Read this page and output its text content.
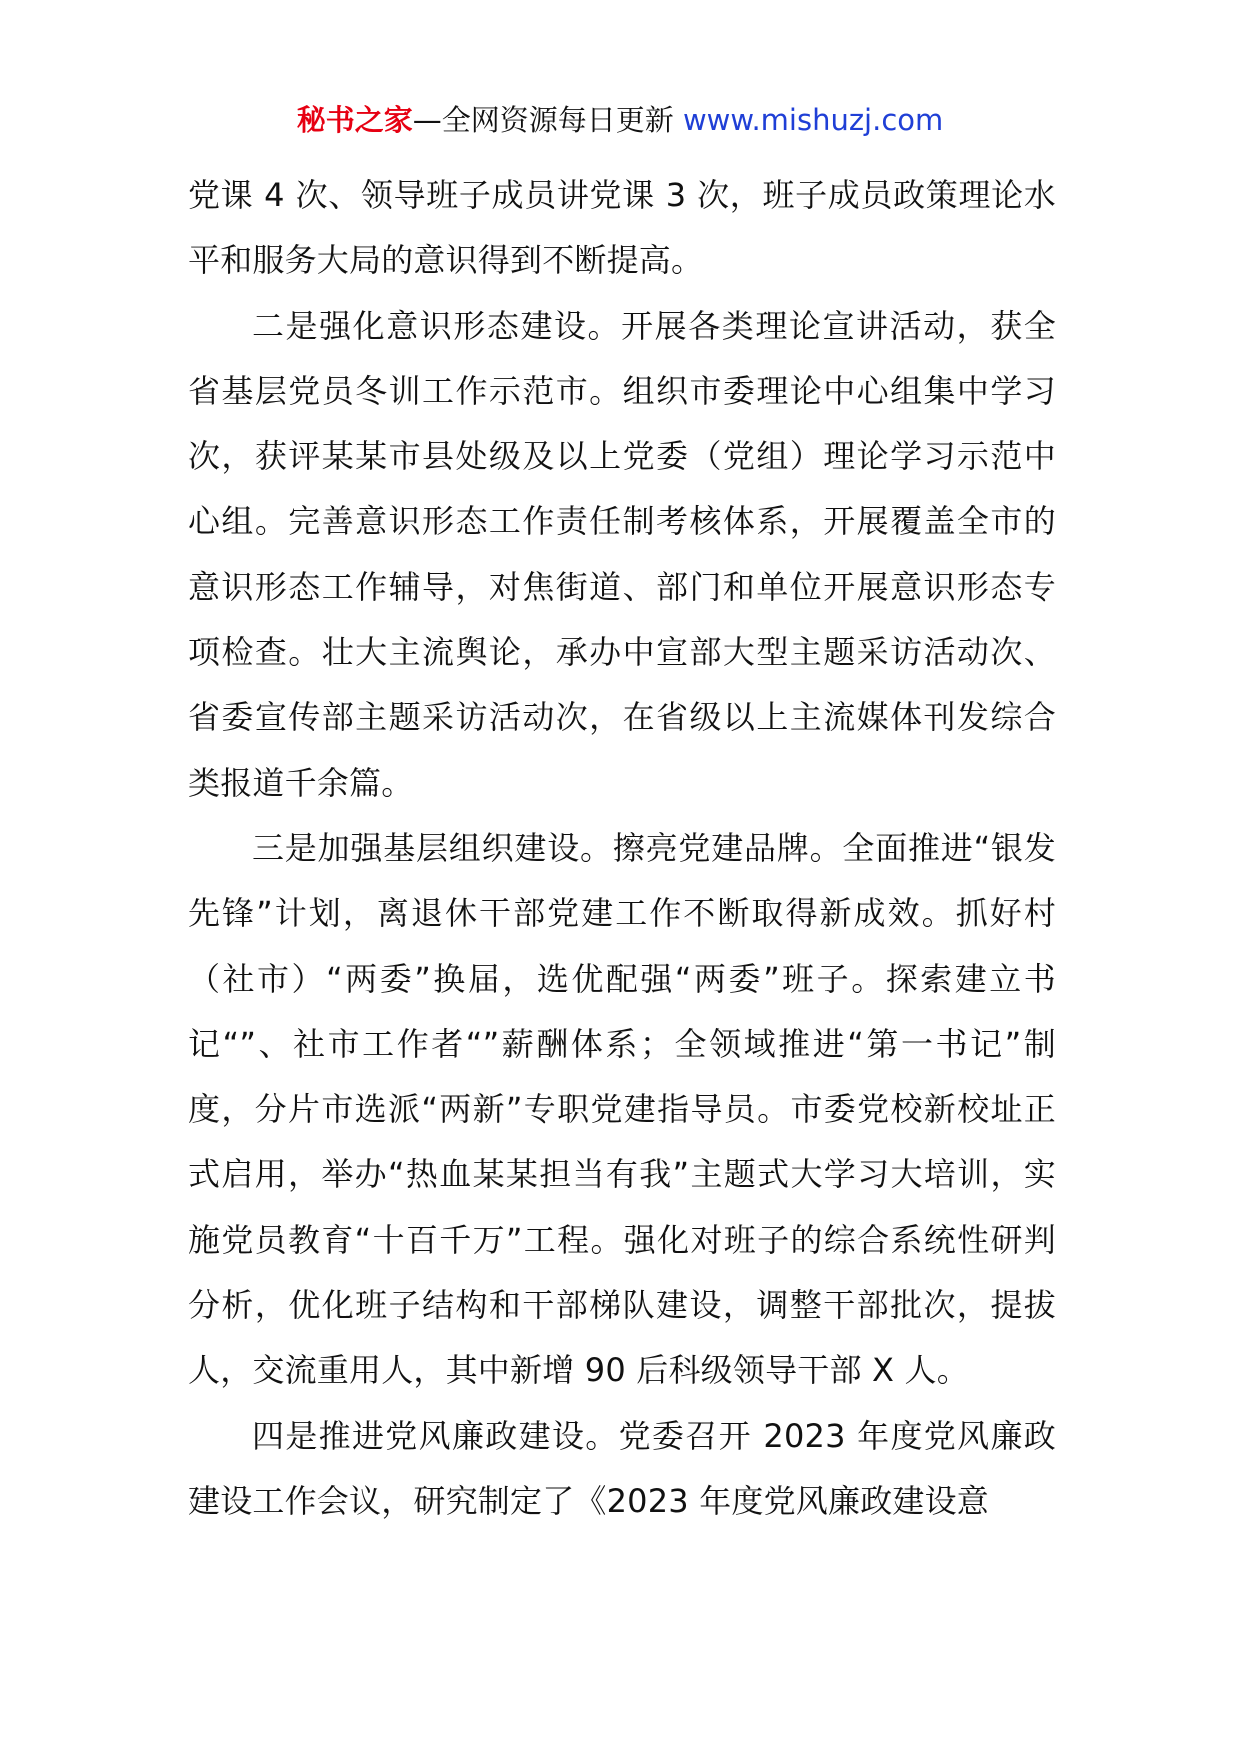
秘书之家—全网资源每日更新 www.mishuzj.com

党课 4 次、领导班子成员讲党课 3 次，班子成员政策理论水平和服务大局的意识得到不断提高。

二是强化意识形态建设。开展各类理论宣讲活动，获全省基层党员冬训工作示范市。组织市委理论中心组集中学习次，获评某某市县处级及以上党委（党组）理论学习示范中心组。完善意识形态工作责任制考核体系，开展覆盖全市的意识形态工作辅导，对焦街道、部门和单位开展意识形态专项检查。壮大主流舆论，承办中宣部大型主题采访活动次、省委宣传部主题采访活动次，在省级以上主流媒体刊发综合类报道千余篇。

三是加强基层组织建设。擦亮党建品牌。全面推进“银发先锋”计划，离退休干部党建工作不断取得新成效。抓好村（社市）“两委”换届，选优配强“两委”班子。探索建立书记“”、社市工作者“”薪酬体系；全领域推进“第一书记”制度，分片市选派“两新”专职党建指导员。市委党校新校址正式启用，举办“热血某某担当有我”主题式大学习大培训，实施党员教育“十百千万”工程。强化对班子的综合系统性研判分析，优化班子结构和干部梯队建设，调整干部批次，提拔人，交流重用人，其中新增 90 后科级领导干部 X 人。

四是推进党风廉政建设。党委召开 2023 年度党风廉政建设工作会议，研究制定了《2023 年度党风廉政建设意
